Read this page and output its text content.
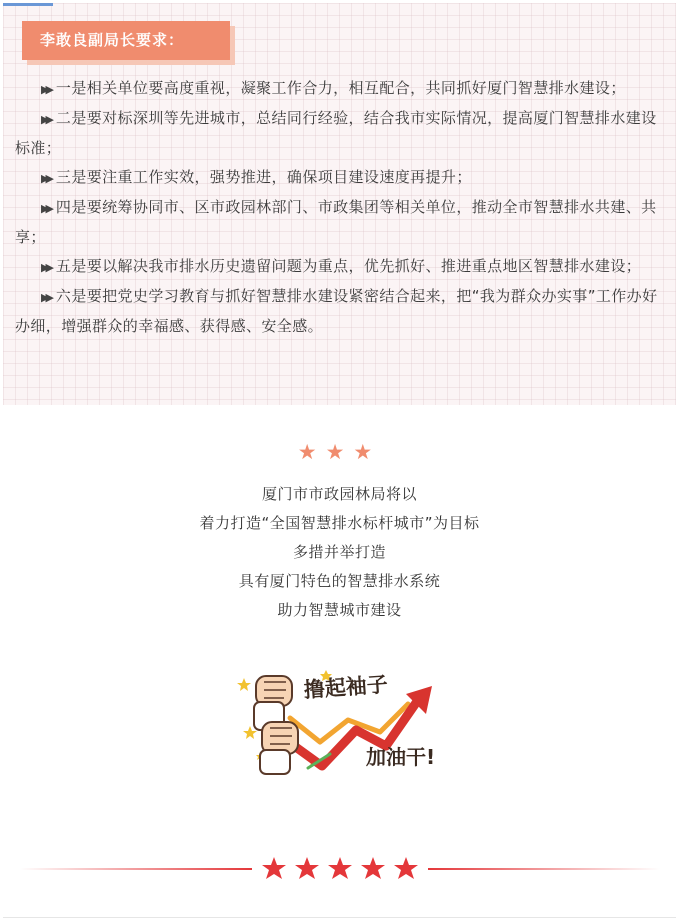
李敢良副局长要求：

▶▶ 一是相关单位要高度重视，凝聚工作合力，相互配合，共同抓好厦门智慧排水建设；

▶▶ 二是要对标深圳等先进城市，总结同行经验，结合我市实际情况，提高厦门智慧排水建设标准；

▶▶ 三是要注重工作实效，强势推进，确保项目建设速度再提升；

▶▶ 四是要统筹协同市、区市政园林部门、市政集团等相关单位，推动全市智慧排水共建、共享；

▶▶ 五是要以解决我市排水历史遗留问题为重点，优先抓好、推进重点地区智慧排水建设；

▶▶ 六是要把党史学习教育与抓好智慧排水建设紧密结合起来，把“我为群众办实事”工作办好办细，增强群众的幸福感、获得感、安全感。

★★★
厦门市市政园林局将以
着力打造“全国智慧排水标杆城市”为目标
多措并举打造
具有厦门特色的智慧排水系统
助力智慧城市建设
撸起袖子
加油干!
